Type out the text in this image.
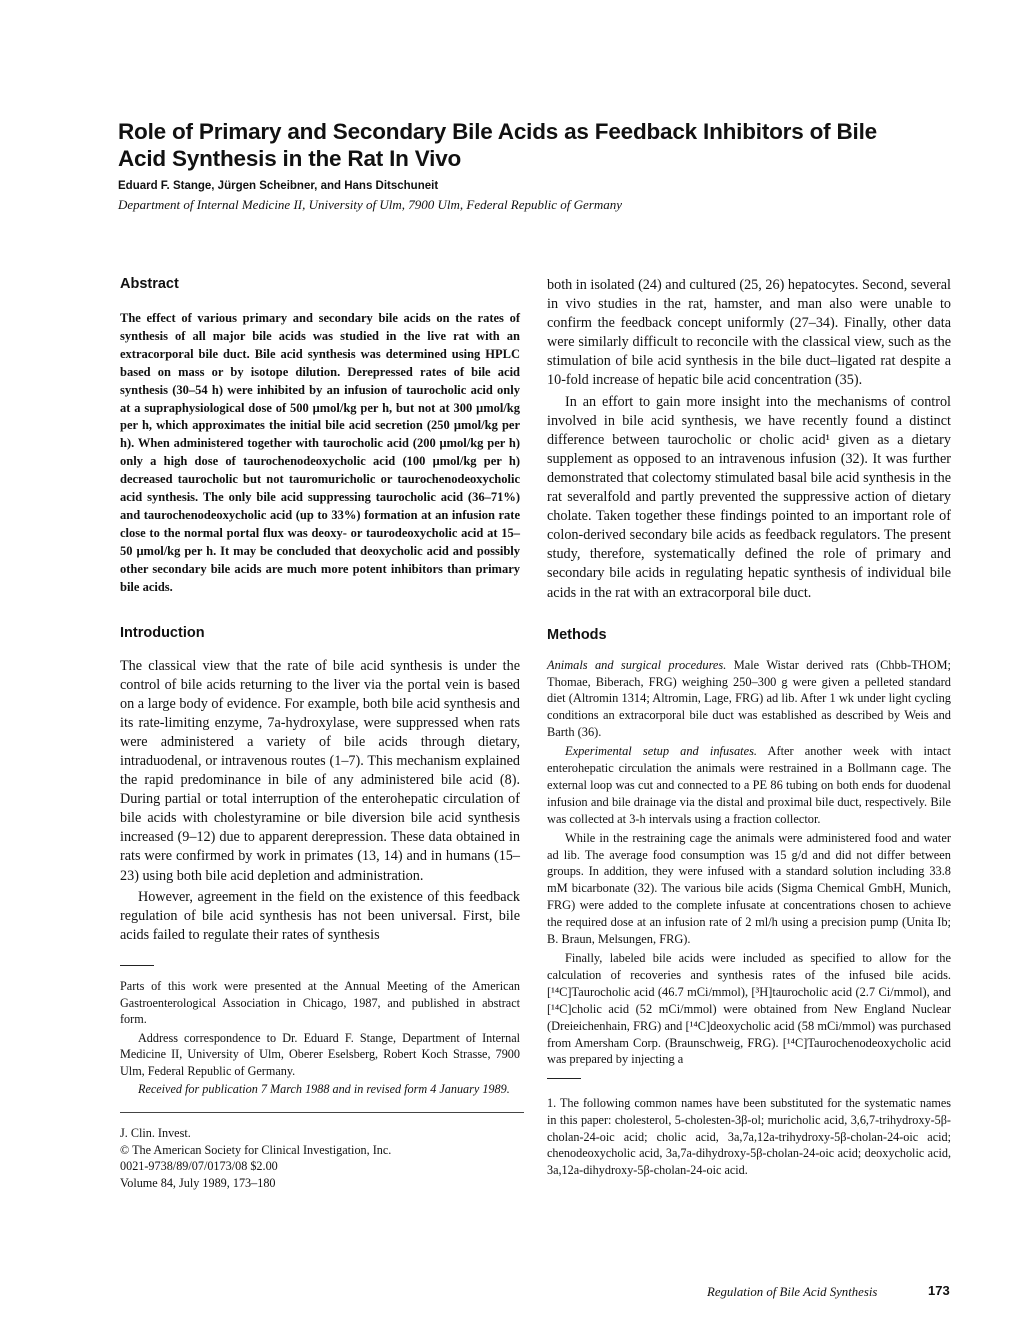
Role of Primary and Secondary Bile Acids as Feedback Inhibitors of Bile Acid Synthesis in the Rat In Vivo
Eduard F. Stange, Jürgen Scheibner, and Hans Ditschuneit
Department of Internal Medicine II, University of Ulm, 7900 Ulm, Federal Republic of Germany
Abstract

The effect of various primary and secondary bile acids on the rates of synthesis of all major bile acids was studied in the live rat with an extracorporal bile duct. Bile acid synthesis was determined using HPLC based on mass or by isotope dilution. Derepressed rates of bile acid synthesis (30–54 h) were inhibited by an infusion of taurocholic acid only at a supraphysiological dose of 500 μmol/kg per h, but not at 300 μmol/kg per h, which approximates the initial bile acid secretion (250 μmol/kg per h). When administered together with taurocholic acid (200 μmol/kg per h) only a high dose of taurochenodeoxycholic acid (100 μmol/kg per h) decreased taurocholic but not tauromuricholic or taurochenodeoxycholic acid synthesis. The only bile acid suppressing taurocholic acid (36–71%) and taurochenodeoxycholic acid (up to 33%) formation at an infusion rate close to the normal portal flux was deoxy- or taurodeoxycholic acid at 15–50 μmol/kg per h. It may be concluded that deoxycholic acid and possibly other secondary bile acids are much more potent inhibitors than primary bile acids.

Introduction

The classical view that the rate of bile acid synthesis is under the control of bile acids returning to the liver via the portal vein is based on a large body of evidence. For example, both bile acid synthesis and its rate-limiting enzyme, 7a-hydroxylase, were suppressed when rats were administered a variety of bile acids through dietary, intraduodenal, or intravenous routes (1–7). This mechanism explained the rapid predominance in bile of any administered bile acid (8). During partial or total interruption of the enterohepatic circulation of bile acids with cholestyramine or bile diversion bile acid synthesis increased (9–12) due to apparent derepression. These data obtained in rats were confirmed by work in primates (13, 14) and in humans (15–23) using both bile acid depletion and administration.

However, agreement in the field on the existence of this feedback regulation of bile acid synthesis has not been universal. First, bile acids failed to regulate their rates of synthesis

Parts of this work were presented at the Annual Meeting of the American Gastroenterological Association in Chicago, 1987, and published in abstract form.

Address correspondence to Dr. Eduard F. Stange, Department of Internal Medicine II, University of Ulm, Oberer Eselsberg, Robert Koch Strasse, 7900 Ulm, Federal Republic of Germany.

Received for publication 7 March 1988 and in revised form 4 January 1989.

J. Clin. Invest.

© The American Society for Clinical Investigation, Inc.

0021-9738/89/07/0173/08 $2.00

Volume 84, July 1989, 173–180

both in isolated (24) and cultured (25, 26) hepatocytes. Second, several in vivo studies in the rat, hamster, and man also were unable to confirm the feedback concept uniformly (27–34). Finally, other data were similarly difficult to reconcile with the classical view, such as the stimulation of bile acid synthesis in the bile duct–ligated rat despite a 10-fold increase of hepatic bile acid concentration (35).

In an effort to gain more insight into the mechanisms of control involved in bile acid synthesis, we have recently found a distinct difference between taurocholic or cholic acid¹ given as a dietary supplement as opposed to an intravenous infusion (32). It was further demonstrated that colectomy stimulated basal bile acid synthesis in the rat severalfold and partly prevented the suppressive action of dietary cholate. Taken together these findings pointed to an important role of colon-derived secondary bile acids as feedback regulators. The present study, therefore, systematically defined the role of primary and secondary bile acids in regulating hepatic synthesis of individual bile acids in the rat with an extracorporal bile duct.

Methods

Animals and surgical procedures. Male Wistar derived rats (Chbb-THOM; Thomae, Biberach, FRG) weighing 250–300 g were given a pelleted standard diet (Altromin 1314; Altromin, Lage, FRG) ad lib. After 1 wk under light cycling conditions an extracorporal bile duct was established as described by Weis and Barth (36).

Experimental setup and infusates. After another week with intact enterohepatic circulation the animals were restrained in a Bollmann cage. The external loop was cut and connected to a PE 86 tubing on both ends for duodenal infusion and bile drainage via the distal and proximal bile duct, respectively. Bile was collected at 3-h intervals using a fraction collector.

While in the restraining cage the animals were administered food and water ad lib. The average food consumption was 15 g/d and did not differ between groups. In addition, they were infused with a standard solution including 33.8 mM bicarbonate (32). The various bile acids (Sigma Chemical GmbH, Munich, FRG) were added to the complete infusate at concentrations chosen to achieve the required dose at an infusion rate of 2 ml/h using a precision pump (Unita Ib; B. Braun, Melsungen, FRG).

Finally, labeled bile acids were included as specified to allow for the calculation of recoveries and synthesis rates of the infused bile acids. [¹⁴C]Taurocholic acid (46.7 mCi/mmol), [³H]taurocholic acid (2.7 Ci/mmol), and [¹⁴C]cholic acid (52 mCi/mmol) were obtained from New England Nuclear (Dreieichenhain, FRG) and [¹⁴C]deoxycholic acid (58 mCi/mmol) was purchased from Amersham Corp. (Braunschweig, FRG). [¹⁴C]Taurochenodeoxycholic acid was prepared by injecting a

1. The following common names have been substituted for the systematic names in this paper: cholesterol, 5-cholesten-3β-ol; muricholic acid, 3,6,7-trihydroxy-5β-cholan-24-oic acid; cholic acid, 3a,7a,12a-trihydroxy-5β-cholan-24-oic acid; chenodeoxycholic acid, 3a,7a-dihydroxy-5β-cholan-24-oic acid; deoxycholic acid, 3a,12a-dihydroxy-5β-cholan-24-oic acid.

Regulation of Bile Acid Synthesis	173
